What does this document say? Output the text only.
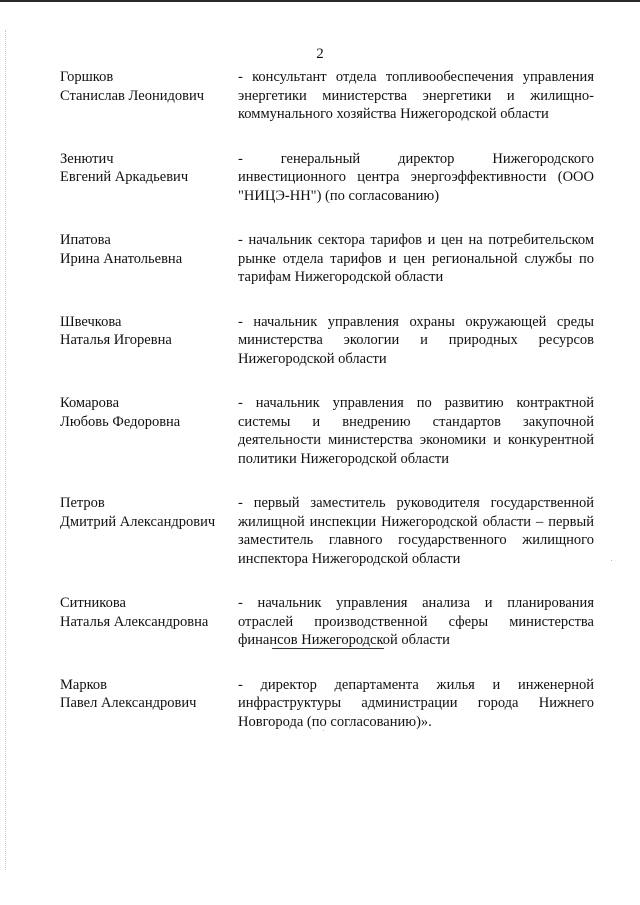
2
Горшков
Станислав Леонидович
- консультант отдела топливообеспечения управления энергетики министерства энергетики и жилищно-коммунального хозяйства Нижегородской области
Зенютич
Евгений Аркадьевич
- генеральный директор Нижегородского инвестиционного центра энергоэффективности (ООО "НИЦЭ-НН") (по согласованию)
Ипатова
Ирина Анатольевна
- начальник сектора тарифов и цен на потребительском рынке отдела тарифов и цен региональной службы по тарифам Нижегородской области
Швечкова
Наталья Игоревна
- начальник управления охраны окружающей среды министерства экологии и природных ресурсов Нижегородской области
Комарова
Любовь Федоровна
- начальник управления по развитию контрактной системы и внедрению стандартов закупочной деятельности министерства экономики и конкурентной политики Нижегородской области
Петров
Дмитрий Александрович
- первый заместитель руководителя государственной жилищной инспекции Нижегородской области – первый заместитель главного государственного жилищного инспектора Нижегородской области
Ситникова
Наталья Александровна
- начальник управления анализа и планирования отраслей производственной сферы министерства финансов Нижегородской области
Марков
Павел Александрович
- директор департамента жилья и инженерной инфраструктуры администрации города Нижнего Новгорода (по согласованию)».
